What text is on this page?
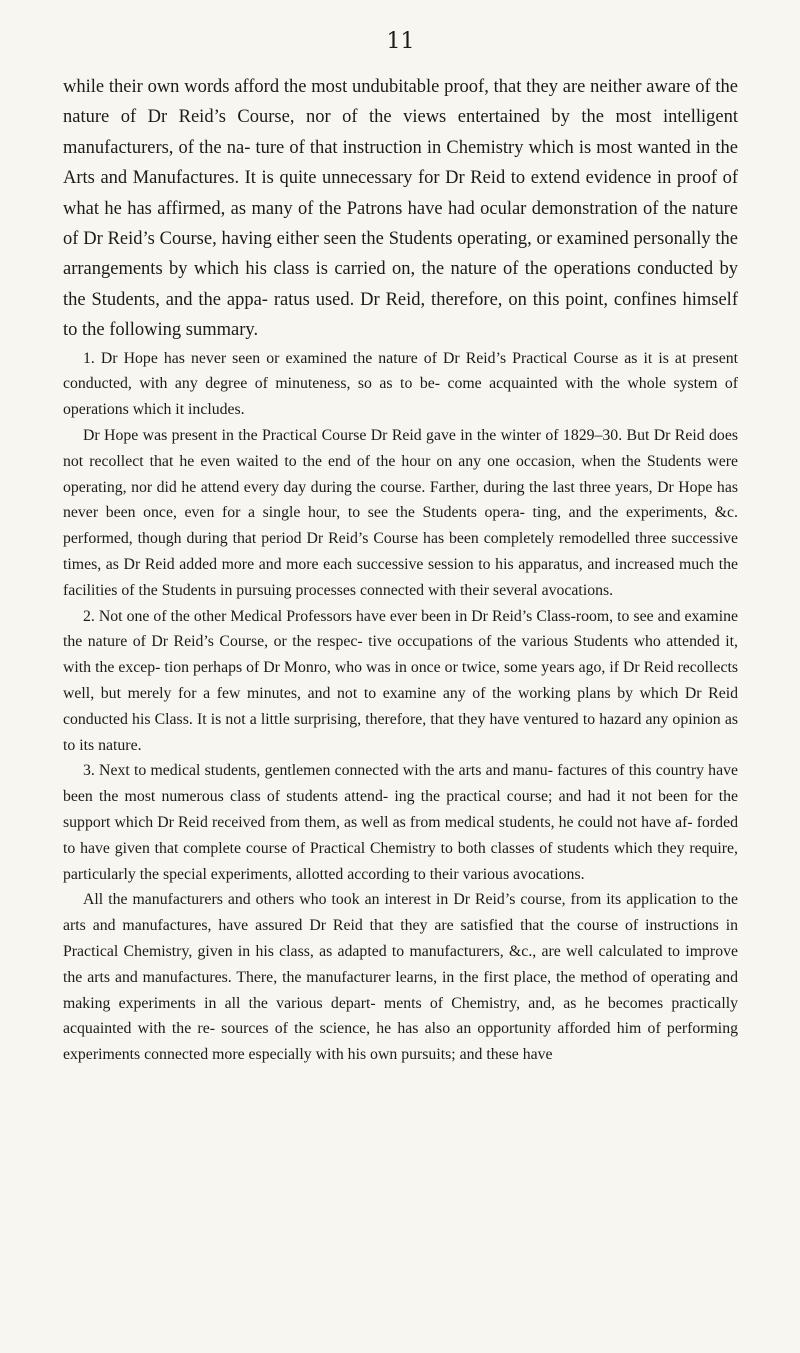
11

while their own words afford the most undubitable proof, that they are neither aware of the nature of Dr Reid’s Course, nor of the views entertained by the most intelligent manufacturers, of the na- ture of that instruction in Chemistry which is most wanted in the Arts and Manufactures. It is quite unnecessary for Dr Reid to extend evidence in proof of what he has affirmed, as many of the Patrons have had ocular demonstration of the nature of Dr Reid’s Course, having either seen the Students operating, or examined personally the arrangements by which his class is carried on, the nature of the operations conducted by the Students, and the appa- ratus used. Dr Reid, therefore, on this point, confines himself to the following summary.

1. Dr Hope has never seen or examined the nature of Dr Reid’s Practical Course as it is at present conducted, with any degree of minuteness, so as to be- come acquainted with the whole system of operations which it includes.

Dr Hope was present in the Practical Course Dr Reid gave in the winter of 1829–30. But Dr Reid does not recollect that he even waited to the end of the hour on any one occasion, when the Students were operating, nor did he attend every day during the course. Farther, during the last three years, Dr Hope has never been once, even for a single hour, to see the Students opera- ting, and the experiments, &c. performed, though during that period Dr Reid’s Course has been completely remodelled three successive times, as Dr Reid added more and more each successive session to his apparatus, and increased much the facilities of the Students in pursuing processes connected with their several avocations.

2. Not one of the other Medical Professors have ever been in Dr Reid’s Class-room, to see and examine the nature of Dr Reid’s Course, or the respec- tive occupations of the various Students who attended it, with the excep- tion perhaps of Dr Monro, who was in once or twice, some years ago, if Dr Reid recollects well, but merely for a few minutes, and not to examine any of the working plans by which Dr Reid conducted his Class. It is not a little surprising, therefore, that they have ventured to hazard any opinion as to its nature.

3. Next to medical students, gentlemen connected with the arts and manu- factures of this country have been the most numerous class of students attend- ing the practical course; and had it not been for the support which Dr Reid received from them, as well as from medical students, he could not have af- forded to have given that complete course of Practical Chemistry to both classes of students which they require, particularly the special experiments, allotted according to their various avocations.

All the manufacturers and others who took an interest in Dr Reid’s course, from its application to the arts and manufactures, have assured Dr Reid that they are satisfied that the course of instructions in Practical Chemistry, given in his class, as adapted to manufacturers, &c., are well calculated to improve the arts and manufactures. There, the manufacturer learns, in the first place, the method of operating and making experiments in all the various depart- ments of Chemistry, and, as he becomes practically acquainted with the re- sources of the science, he has also an opportunity afforded him of performing experiments connected more especially with his own pursuits; and these have
